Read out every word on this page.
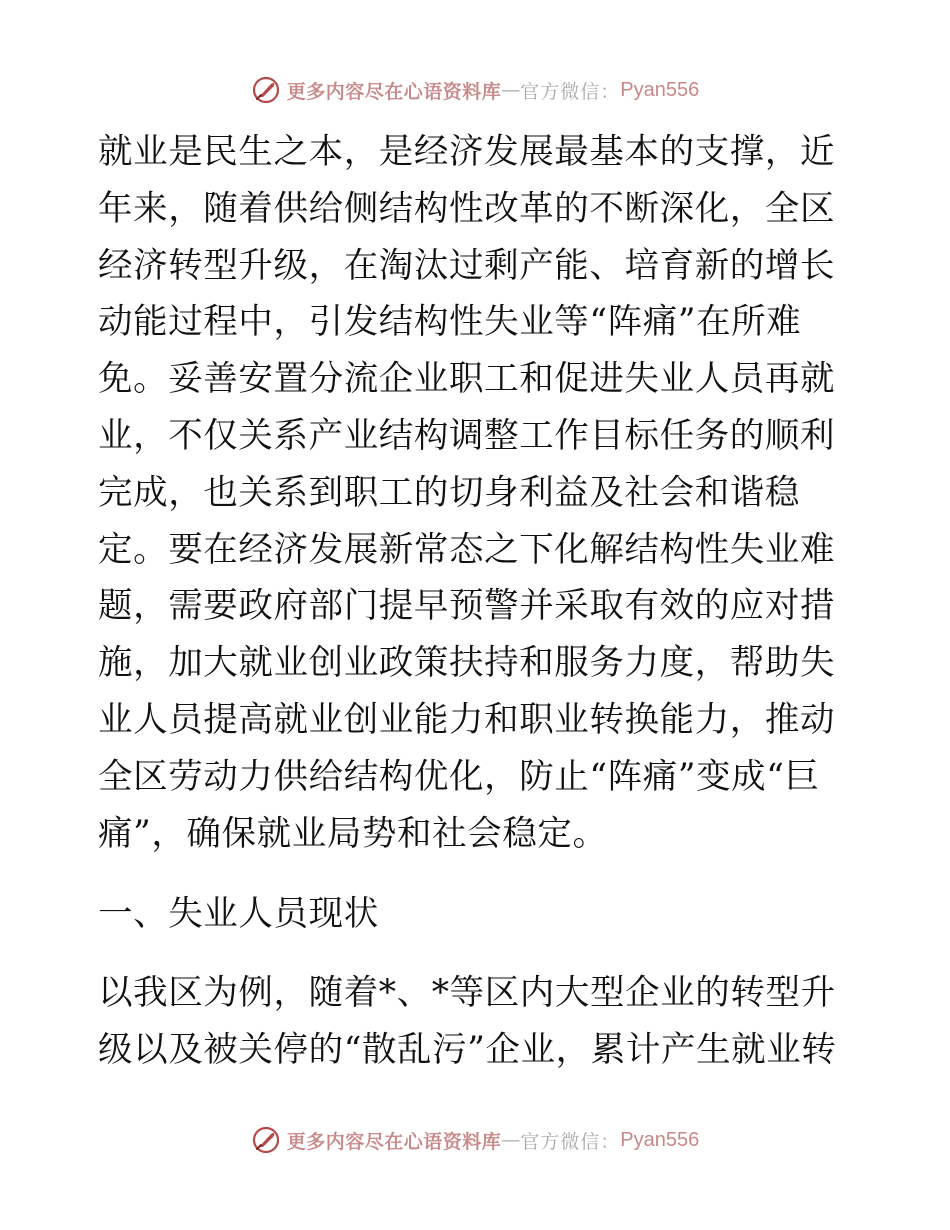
更多内容尽在心语资料库 — 官方微信： Pyan556

就业是民生之本，是经济发展最基本的支撑，近年来，随着供给侧结构性改革的不断深化，全区经济转型升级，在淘汰过剩产能、培育新的增长动能过程中，引发结构性失业等“阵痛”在所难免。妥善安置分流企业职工和促进失业人员再就业，不仅关系产业结构调整工作目标任务的顺利完成，也关系到职工的切身利益及社会和谐稳定。要在经济发展新常态之下化解结构性失业难题，需要政府部门提早预警并采取有效的应对措施，加大就业创业政策扶持和服务力度，帮助失业人员提高就业创业能力和职业转换能力，推动全区劳动力供给结构优化，防止“阵痛”变成“巨痛”，确保就业局势和社会稳定。

一、失业人员现状

以我区为例，随着*、*等区内大型企业的转型升级以及被关停的“散乱污”企业，累计产生就业转

更多内容尽在心语资料库 — 官方微信： Pyan556
